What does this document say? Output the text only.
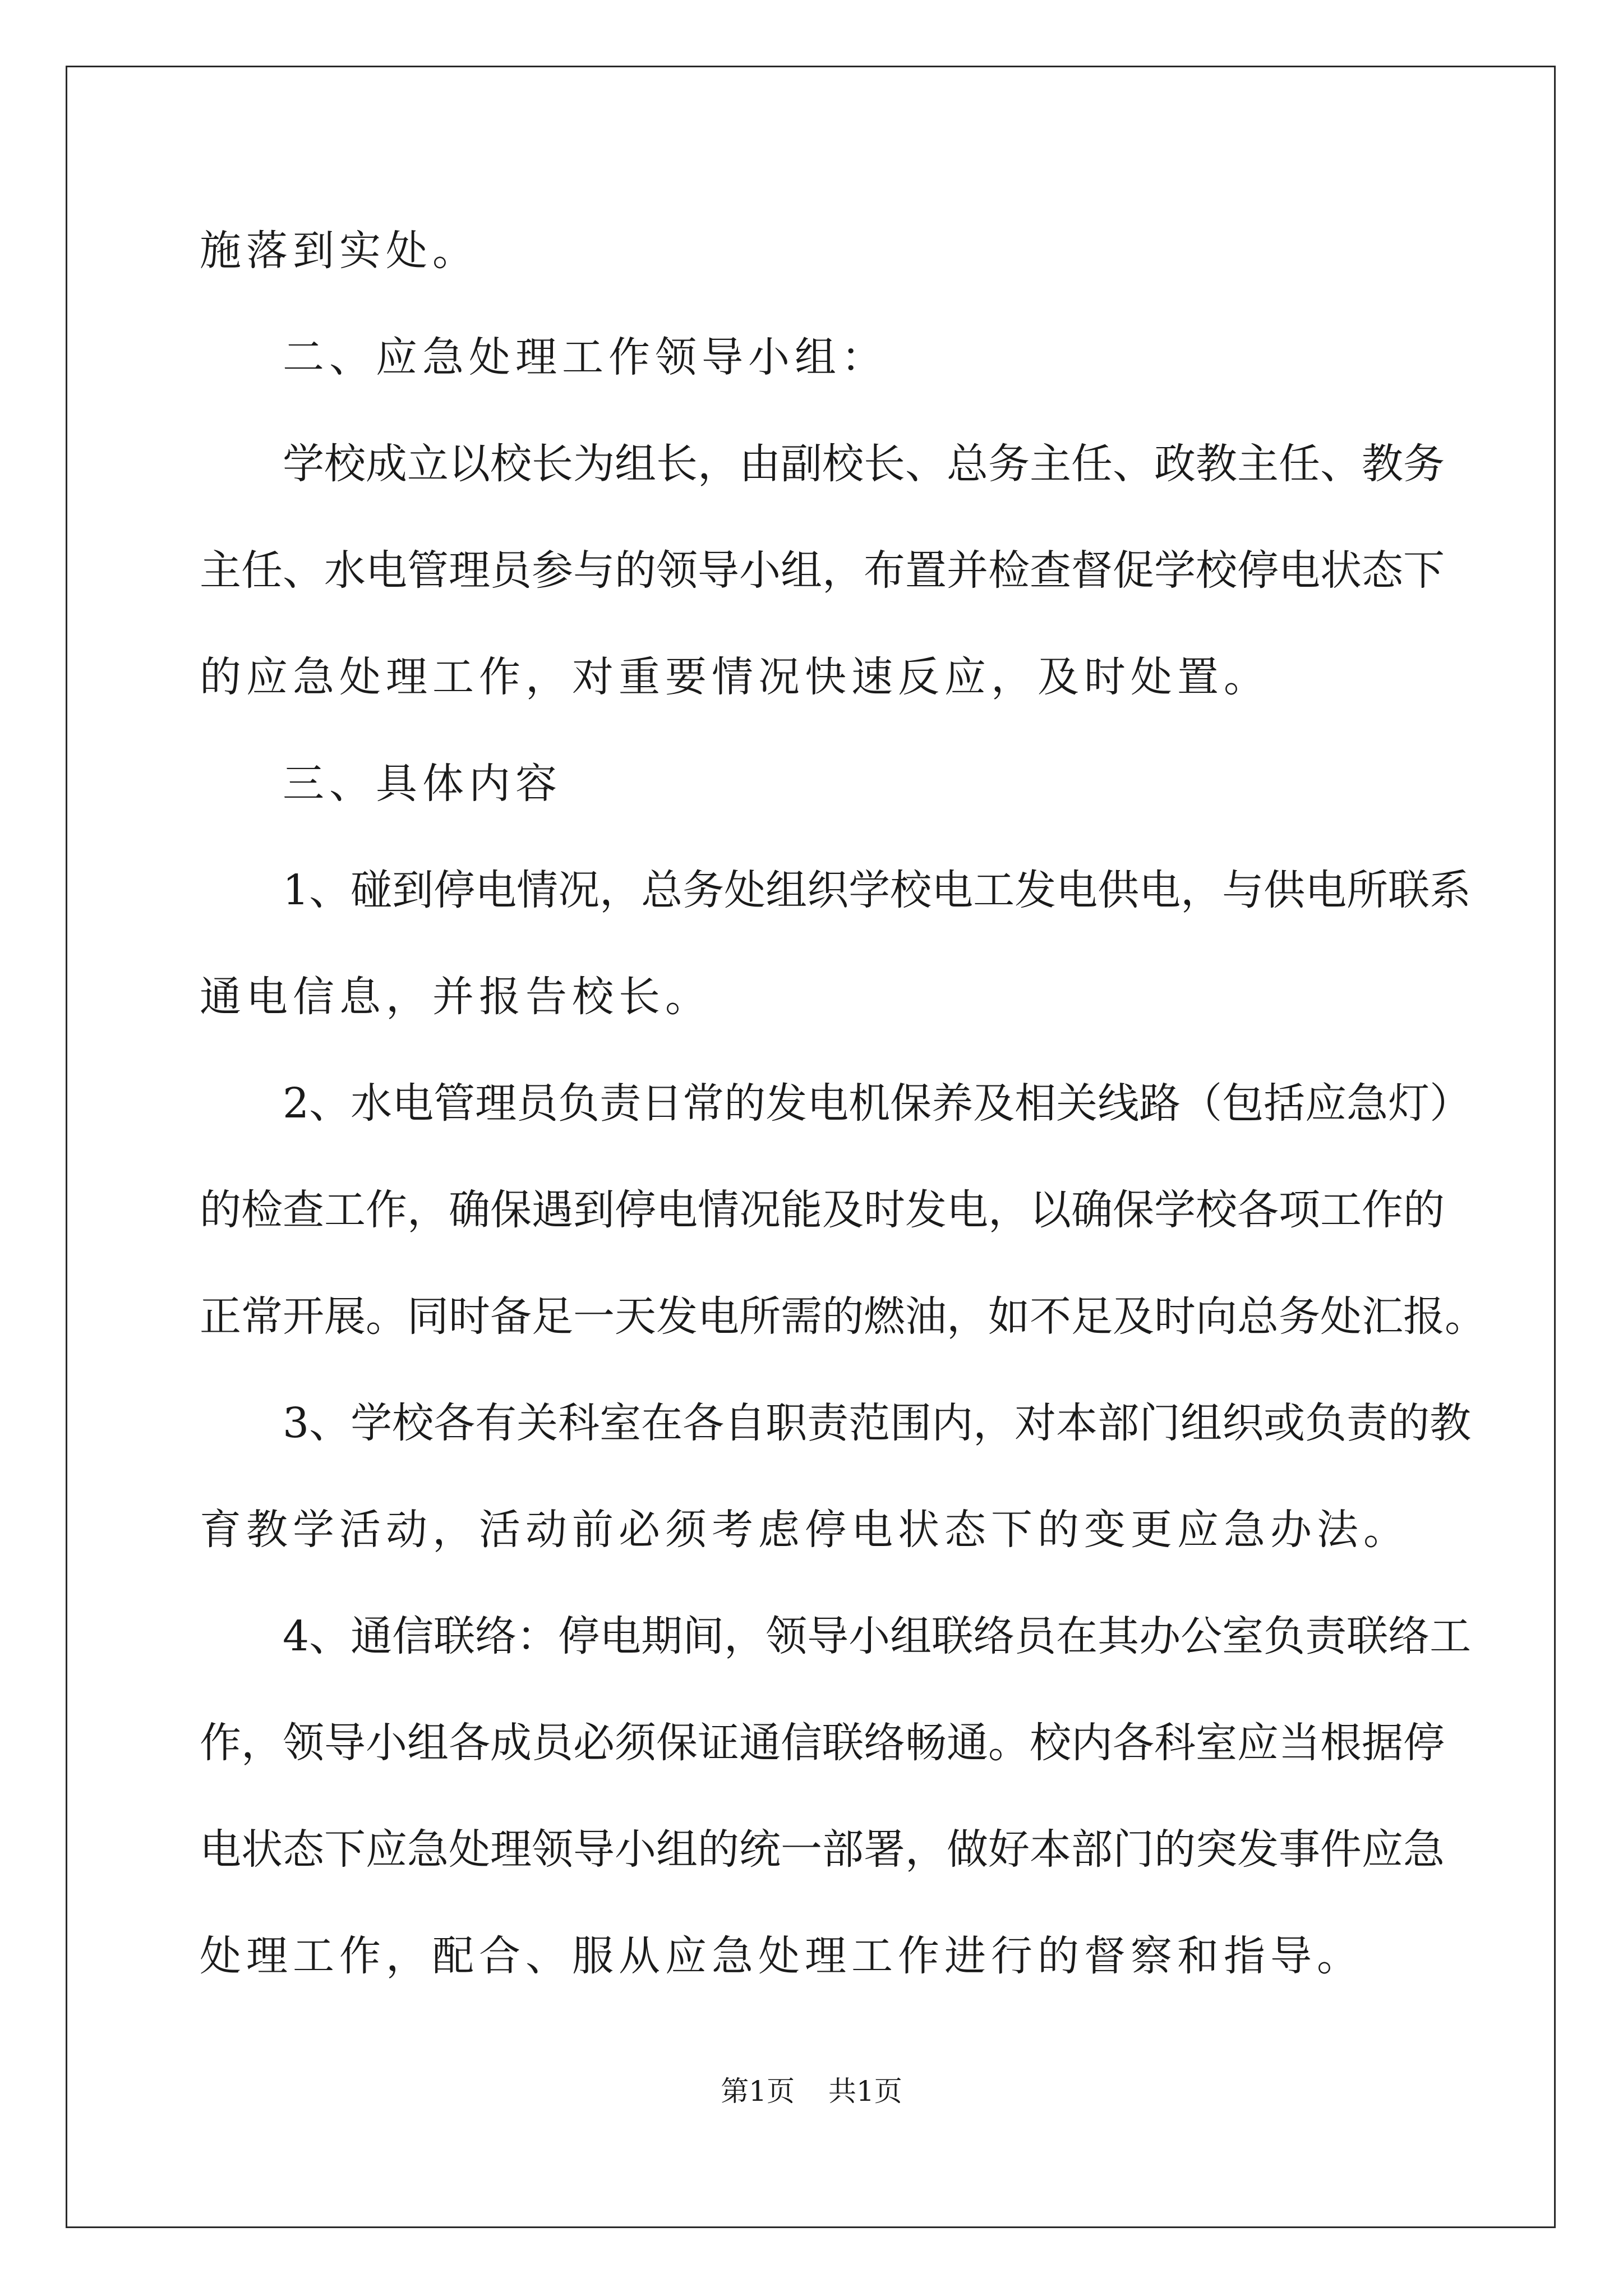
施落到实处。
二、应急处理工作领导小组：
学校成立以校长为组长，由副校长、总务主任、政教主任、教务
主任、水电管理员参与的领导小组，布置并检查督促学校停电状态下
的应急处理工作，对重要情况快速反应，及时处置。
三、具体内容
1、碰到停电情况，总务处组织学校电工发电供电，与供电所联系
通电信息，并报告校长。
2、水电管理员负责日常的发电机保养及相关线路（包括应急灯）
的检查工作，确保遇到停电情况能及时发电，以确保学校各项工作的
正常开展。同时备足一天发电所需的燃油，如不足及时向总务处汇报。
3、学校各有关科室在各自职责范围内，对本部门组织或负责的教
育教学活动，活动前必须考虑停电状态下的变更应急办法。
4、通信联络：停电期间，领导小组联络员在其办公室负责联络工
作，领导小组各成员必须保证通信联络畅通。校内各科室应当根据停
电状态下应急处理领导小组的统一部署，做好本部门的突发事件应急
处理工作，配合、服从应急处理工作进行的督察和指导。
第1页 共1页
